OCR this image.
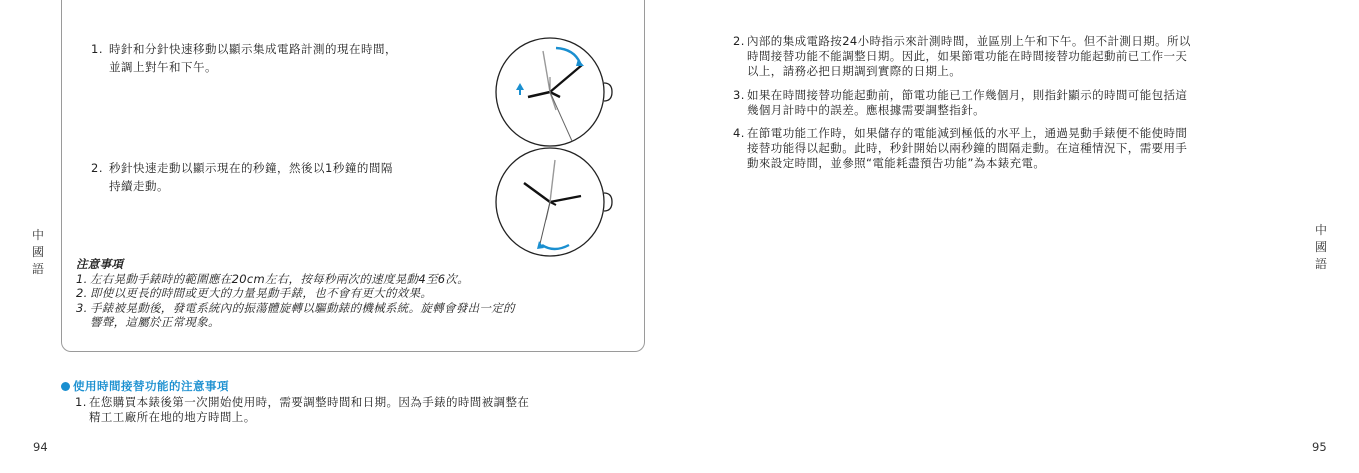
1. 時針和分針快速移動以顯示集成電路計測的現在時間，
並調上對午和下午。
2. 秒針快速走動以顯示現在的秒鐘，然後以1秒鐘的間隔
持續走動。
注意事項
1. 左右晃動手錶時的範圍應在20cm左右，按每秒兩次的速度晃動4至6次。
2. 即使以更長的時間或更大的力量晃動手錶，也不會有更大的效果。
3. 手錶被晃動後，發電系統內的振蕩體旋轉以驅動錶的機械系統。旋轉會發出一定的
響聲，這屬於正常現象。
使用時間接替功能的注意事項
1. 在您購買本錶後第一次開始使用時，需要調整時間和日期。因為手錶的時間被調整在
精工工廠所在地的地方時間上。
中國語
94
2. 內部的集成電路按24小時指示來計測時間，並區別上午和下午。但不計測日期。所以
時間接替功能不能調整日期。因此，如果節電功能在時間接替功能起動前已工作一天
以上，請務必把日期調到實際的日期上。
3. 如果在時間接替功能起動前，節電功能已工作幾個月，則指針顯示的時間可能包括這
幾個月計時中的誤差。應根據需要調整指針。
4. 在節電功能工作時，如果儲存的電能減到極低的水平上，通過晃動手錶便不能使時間
接替功能得以起動。此時，秒針開始以兩秒鐘的間隔走動。在這種情況下，需要用手
動來設定時間，並參照“電能耗盡預告功能”為本錶充電。
中國語
95
